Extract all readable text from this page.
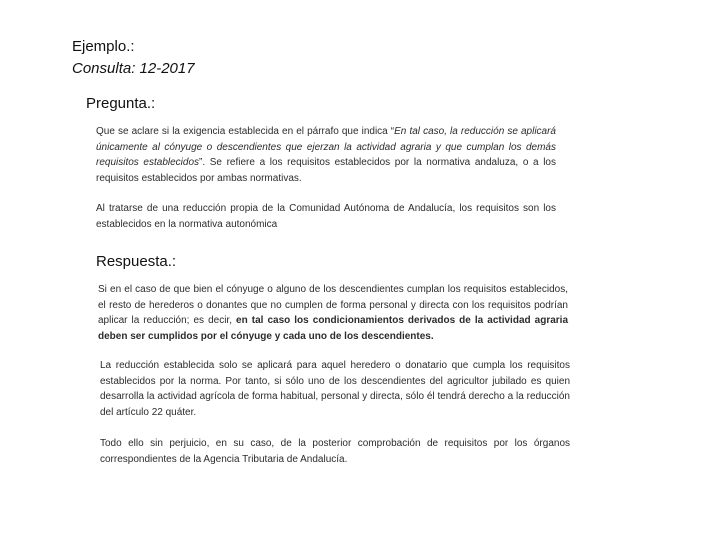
Ejemplo.:
Consulta: 12-2017
Pregunta.:
Que se aclare si la exigencia establecida en el párrafo que indica “En tal caso, la reducción se aplicará únicamente al cónyuge o descendientes que ejerzan la actividad agraria y que cumplan los demás requisitos establecidos”. Se refiere a los requisitos establecidos por la normativa andaluza, o a los requisitos establecidos por ambas normativas.
Al tratarse de una reducción propia de la Comunidad Autónoma de Andalucía, los requisitos son los establecidos en la normativa autonómica
Respuesta.:
Si en el caso de que bien el cónyuge o alguno de los descendientes cumplan los requisitos establecidos, el resto de herederos o donantes que no cumplen de forma personal y directa con los requisitos podrían aplicar la reducción; es decir, en tal caso los condicionamientos derivados de la actividad agraria deben ser cumplidos por el cónyuge y cada uno de los descendientes.
La reducción establecida solo se aplicará para aquel heredero o donatario que cumpla los requisitos establecidos por la norma. Por tanto, si sólo uno de los descendientes del agricultor jubilado es quien desarrolla la actividad agrícola de forma habitual, personal y directa, sólo él tendrá derecho a la reducción del artículo 22 quáter.
Todo ello sin perjuicio, en su caso, de la posterior comprobación de requisitos por los órganos correspondientes de la Agencia Tributaria de Andalucía.
